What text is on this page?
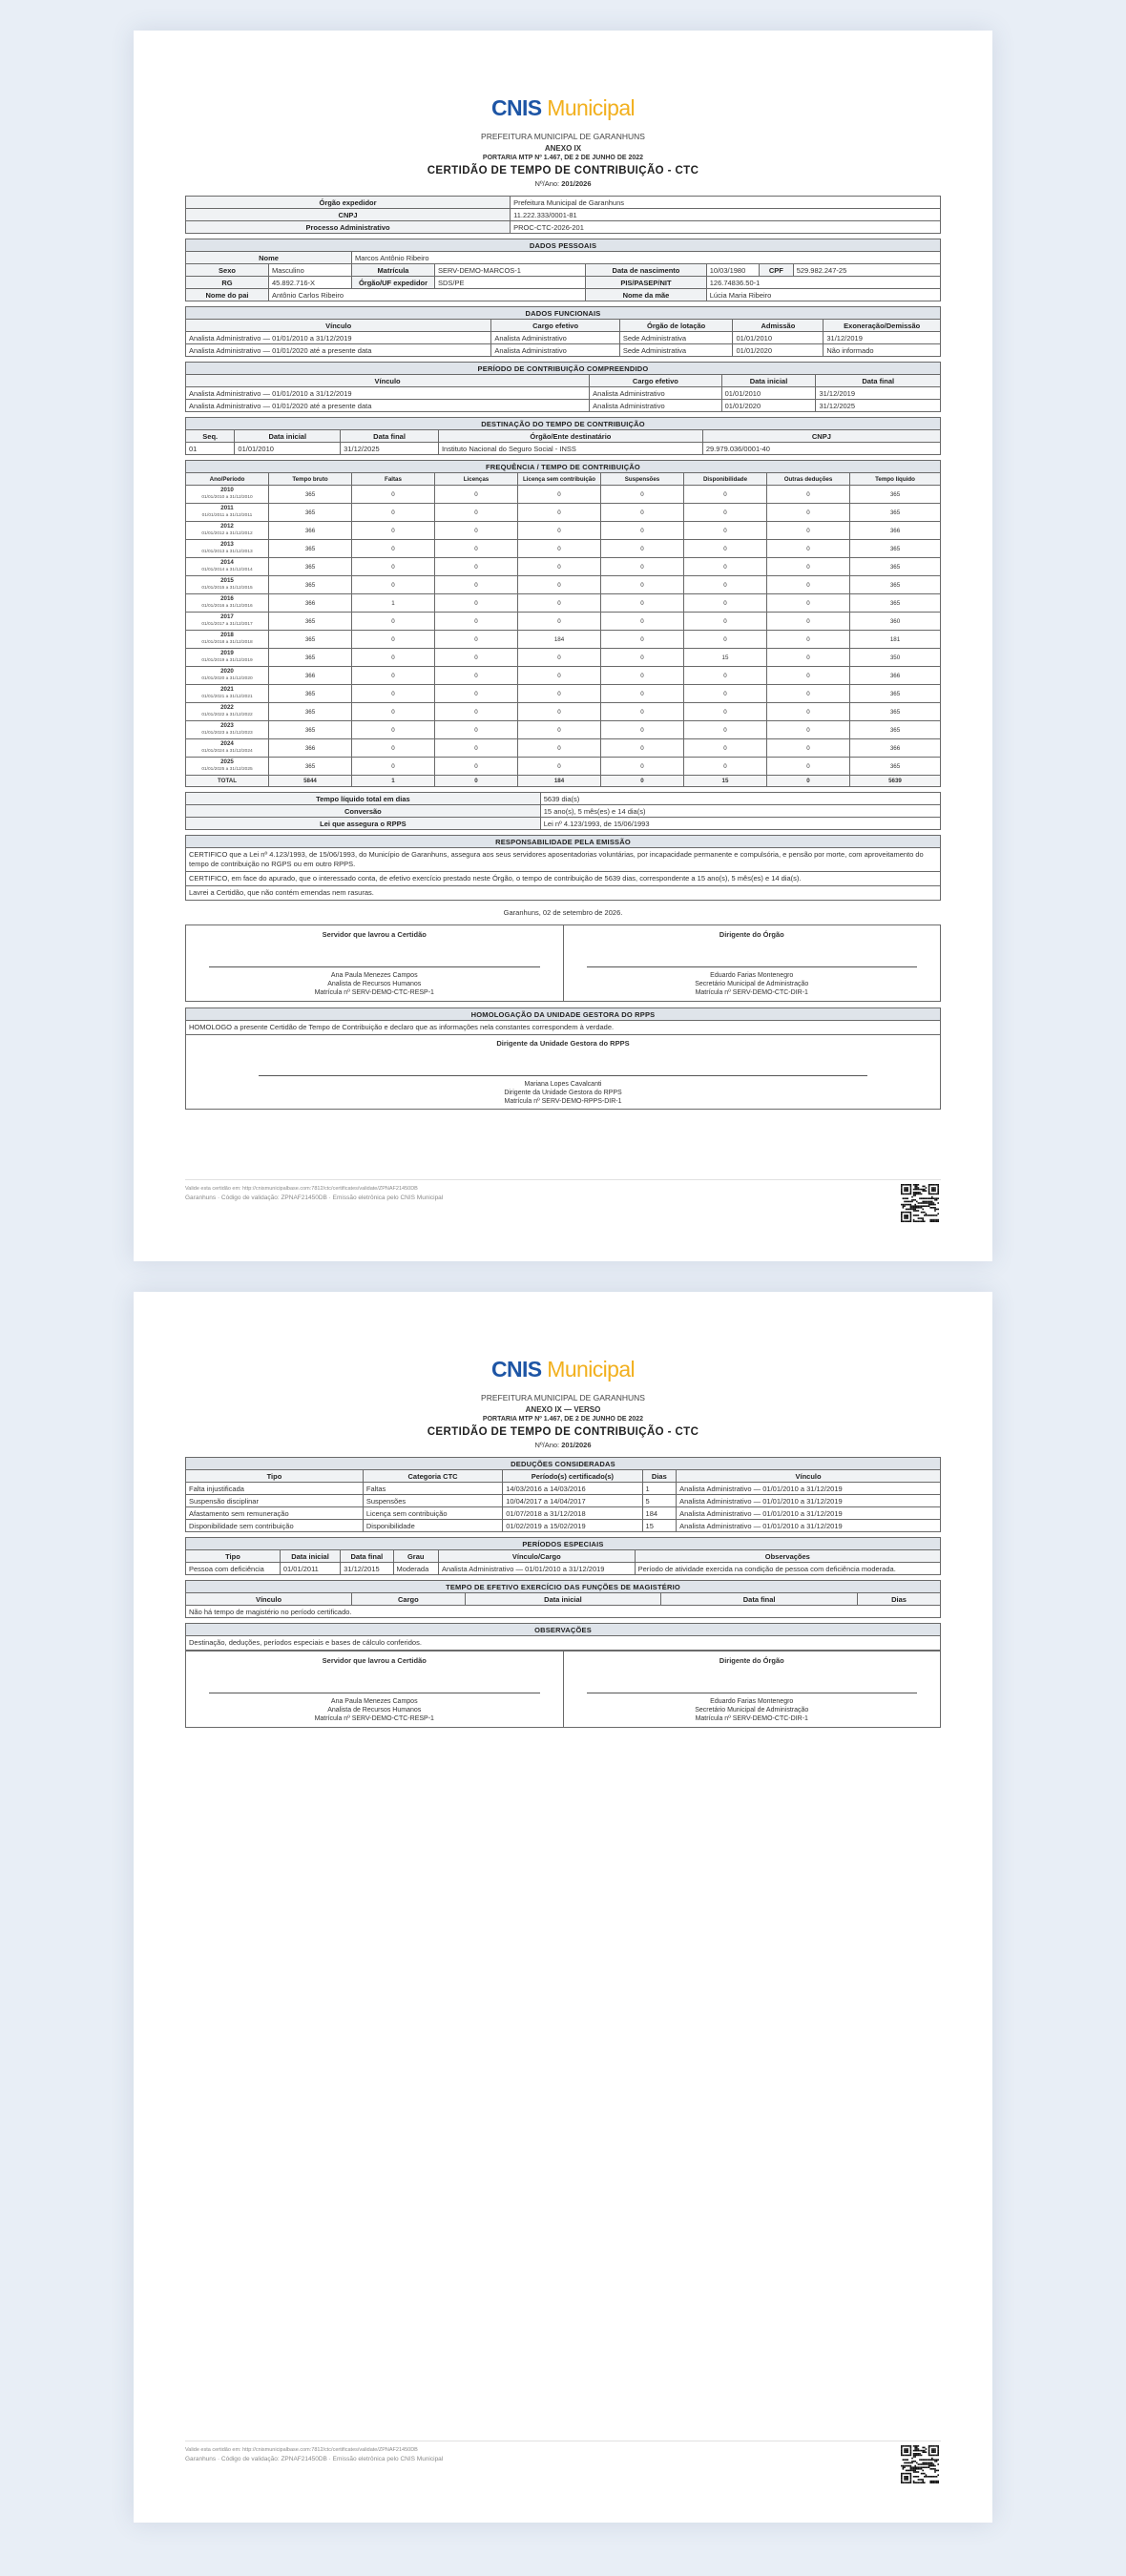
CNIS Municipal
PREFEITURA MUNICIPAL DE GARANHUNS
ANEXO IX
PORTARIA MTP Nº 1.467, DE 2 DE JUNHO DE 2022
CERTIDÃO DE TEMPO DE CONTRIBUIÇÃO - CTC
Nº/Ano: 201/2026
Órgão expedidor	Prefeitura Municipal de Garanhuns
CNPJ	11.222.333/0001-81
Processo Administrativo	PROC-CTC-2026-201
DADOS PESSOAIS							
Nome		Marcos Antônio Ribeiro					
Sexo	Masculino	Matrícula	SERV-DEMO-MARCOS-1	Data de nascimento	10/03/1980	CPF	529.982.247-25
RG	45.892.716-X	Órgão/UF expedidor	SDS/PE	PIS/PASEP/NIT	126.74836.50-1		
Nome do pai	Antônio Carlos Ribeiro			Nome da mãe	Lúcia Maria Ribeiro		
DADOS FUNCIONAIS				
Vínculo	Cargo efetivo	Órgão de lotação	Admissão	Exoneração/Demissão
Analista Administrativo — 01/01/2010 a 31/12/2019	Analista Administrativo	Sede Administrativa	01/01/2010	31/12/2019
Analista Administrativo — 01/01/2020 até a presente data	Analista Administrativo	Sede Administrativa	01/01/2020	Não informado
PERÍODO DE CONTRIBUIÇÃO COMPREENDIDO			
Vínculo	Cargo efetivo	Data inicial	Data final
Analista Administrativo — 01/01/2010 a 31/12/2019	Analista Administrativo	01/01/2010	31/12/2019
Analista Administrativo — 01/01/2020 até a presente data	Analista Administrativo	01/01/2020	31/12/2025
DESTINAÇÃO DO TEMPO DE CONTRIBUIÇÃO				
Seq.	Data inicial	Data final	Órgão/Ente destinatário	CNPJ
01	01/01/2010	31/12/2025	Instituto Nacional do Seguro Social - INSS	29.979.036/0001-40
FREQUÊNCIA / TEMPO DE CONTRIBUIÇÃO								
Ano/Período	Tempo bruto	Faltas	Licenças	Licença sem contribuição	Suspensões	Disponibilidade	Outras deduções	Tempo líquido

2010
01/01/2010 a 31/12/2010	365	0	0	0	0	0	0	365

2011
01/01/2011 a 31/12/2011	365	0	0	0	0	0	0	365

2012
01/01/2012 a 31/12/2012	366	0	0	0	0	0	0	366

2013
01/01/2013 a 31/12/2013	365	0	0	0	0	0	0	365

2014
01/01/2014 a 31/12/2014	365	0	0	0	0	0	0	365

2015
01/01/2015 a 31/12/2015	365	0	0	0	0	0	0	365

2016
01/01/2016 a 31/12/2016	366	1	0	0	0	0	0	365

2017
01/01/2017 a 31/12/2017	365	0	0	0	0	0	0	360

2018
01/01/2018 a 31/12/2018	365	0	0	184	0	0	0	181

2019
01/01/2019 a 31/12/2019	365	0	0	0	0	15	0	350

2020
01/01/2020 a 31/12/2020	366	0	0	0	0	0	0	366

2021
01/01/2021 a 31/12/2021	365	0	0	0	0	0	0	365

2022
01/01/2022 a 31/12/2022	365	0	0	0	0	0	0	365

2023
01/01/2023 a 31/12/2023	365	0	0	0	0	0	0	365

2024
01/01/2024 a 31/12/2024	366	0	0	0	0	0	0	366

2025
01/01/2025 a 31/12/2025	365	0	0	0	0	0	0	365
TOTAL	5844	1	0	184	0	15	0	5639
Tempo líquido total em dias	5639 dia(s)
Conversão	15 ano(s), 5 mês(es) e 14 dia(s)
Lei que assegura o RPPS	Lei nº 4.123/1993, de 15/06/1993
RESPONSABILIDADE PELA EMISSÃO
CERTIFICO que a Lei nº 4.123/1993, de 15/06/1993, do Município de Garanhuns, assegura aos seus servidores aposentadorias voluntárias, por incapacidade permanente e compulsória, e pensão por morte, com aproveitamento do tempo de contribuição no RGPS ou em outro RPPS.
CERTIFICO, em face do apurado, que o interessado conta, de efetivo exercício prestado neste Órgão, o tempo de contribuição de 5639 dias, correspondente a 15 ano(s), 5 mês(es) e 14 dia(s).
Lavrei a Certidão, que não contém emendas nem rasuras.
Garanhuns, 02 de setembro de 2026.
Servidor que lavrou a Certidão
Ana Paula Menezes Campos
Analista de Recursos Humanos
Matrícula nº SERV-DEMO-CTC-RESP-1

Dirigente do Órgão
Eduardo Farias Montenegro
Secretário Municipal de Administração
Matrícula nº SERV-DEMO-CTC-DIR-1
HOMOLOGAÇÃO DA UNIDADE GESTORA DO RPPS
HOMOLOGO a presente Certidão de Tempo de Contribuição e declaro que as informações nela constantes correspondem à verdade.

Dirigente da Unidade Gestora do RPPS
Mariana Lopes Cavalcanti
Dirigente da Unidade Gestora do RPPS
Matrícula nº SERV-DEMO-RPPS-DIR-1
Valide esta certidão em: http://cnismunicipalbase.com:7812/ctc/certificates/validate/ZPNAF21450DB
Garanhuns · Código de validação: ZPNAF21450DB · Emissão eletrônica pelo CNIS Municipal
CNIS Municipal
PREFEITURA MUNICIPAL DE GARANHUNS
ANEXO IX — VERSO
PORTARIA MTP Nº 1.467, DE 2 DE JUNHO DE 2022
CERTIDÃO DE TEMPO DE CONTRIBUIÇÃO - CTC
Nº/Ano: 201/2026
DEDUÇÕES CONSIDERADAS				
Tipo	Categoria CTC	Período(s) certificado(s)	Dias	Vínculo
Falta injustificada	Faltas	14/03/2016 a 14/03/2016	1	Analista Administrativo — 01/01/2010 a 31/12/2019
Suspensão disciplinar	Suspensões	10/04/2017 a 14/04/2017	5	Analista Administrativo — 01/01/2010 a 31/12/2019
Afastamento sem remuneração	Licença sem contribuição	01/07/2018 a 31/12/2018	184	Analista Administrativo — 01/01/2010 a 31/12/2019
Disponibilidade sem contribuição	Disponibilidade	01/02/2019 a 15/02/2019	15	Analista Administrativo — 01/01/2010 a 31/12/2019
PERÍODOS ESPECIAIS					
Tipo	Data inicial	Data final	Grau	Vínculo/Cargo	Observações
Pessoa com deficiência	01/01/2011	31/12/2015	Moderada	Analista Administrativo — 01/01/2010 a 31/12/2019	Período de atividade exercida na condição de pessoa com deficiência moderada.
TEMPO DE EFETIVO EXERCÍCIO DAS FUNÇÕES DE MAGISTÉRIO
Vínculo	Cargo	Data inicial	Data final	Dias
Não há tempo de magistério no período certificado.
OBSERVAÇÕES
Destinação, deduções, períodos especiais e bases de cálculo conferidos.
Servidor que lavrou a Certidão
Ana Paula Menezes Campos
Analista de Recursos Humanos
Matrícula nº SERV-DEMO-CTC-RESP-1

Dirigente do Órgão
Eduardo Farias Montenegro
Secretário Municipal de Administração
Matrícula nº SERV-DEMO-CTC-DIR-1
Valide esta certidão em: http://cnismunicipalbase.com:7812/ctc/certificates/validate/ZPNAF21450DB
Garanhuns · Código de validação: ZPNAF21450DB · Emissão eletrônica pelo CNIS Municipal
